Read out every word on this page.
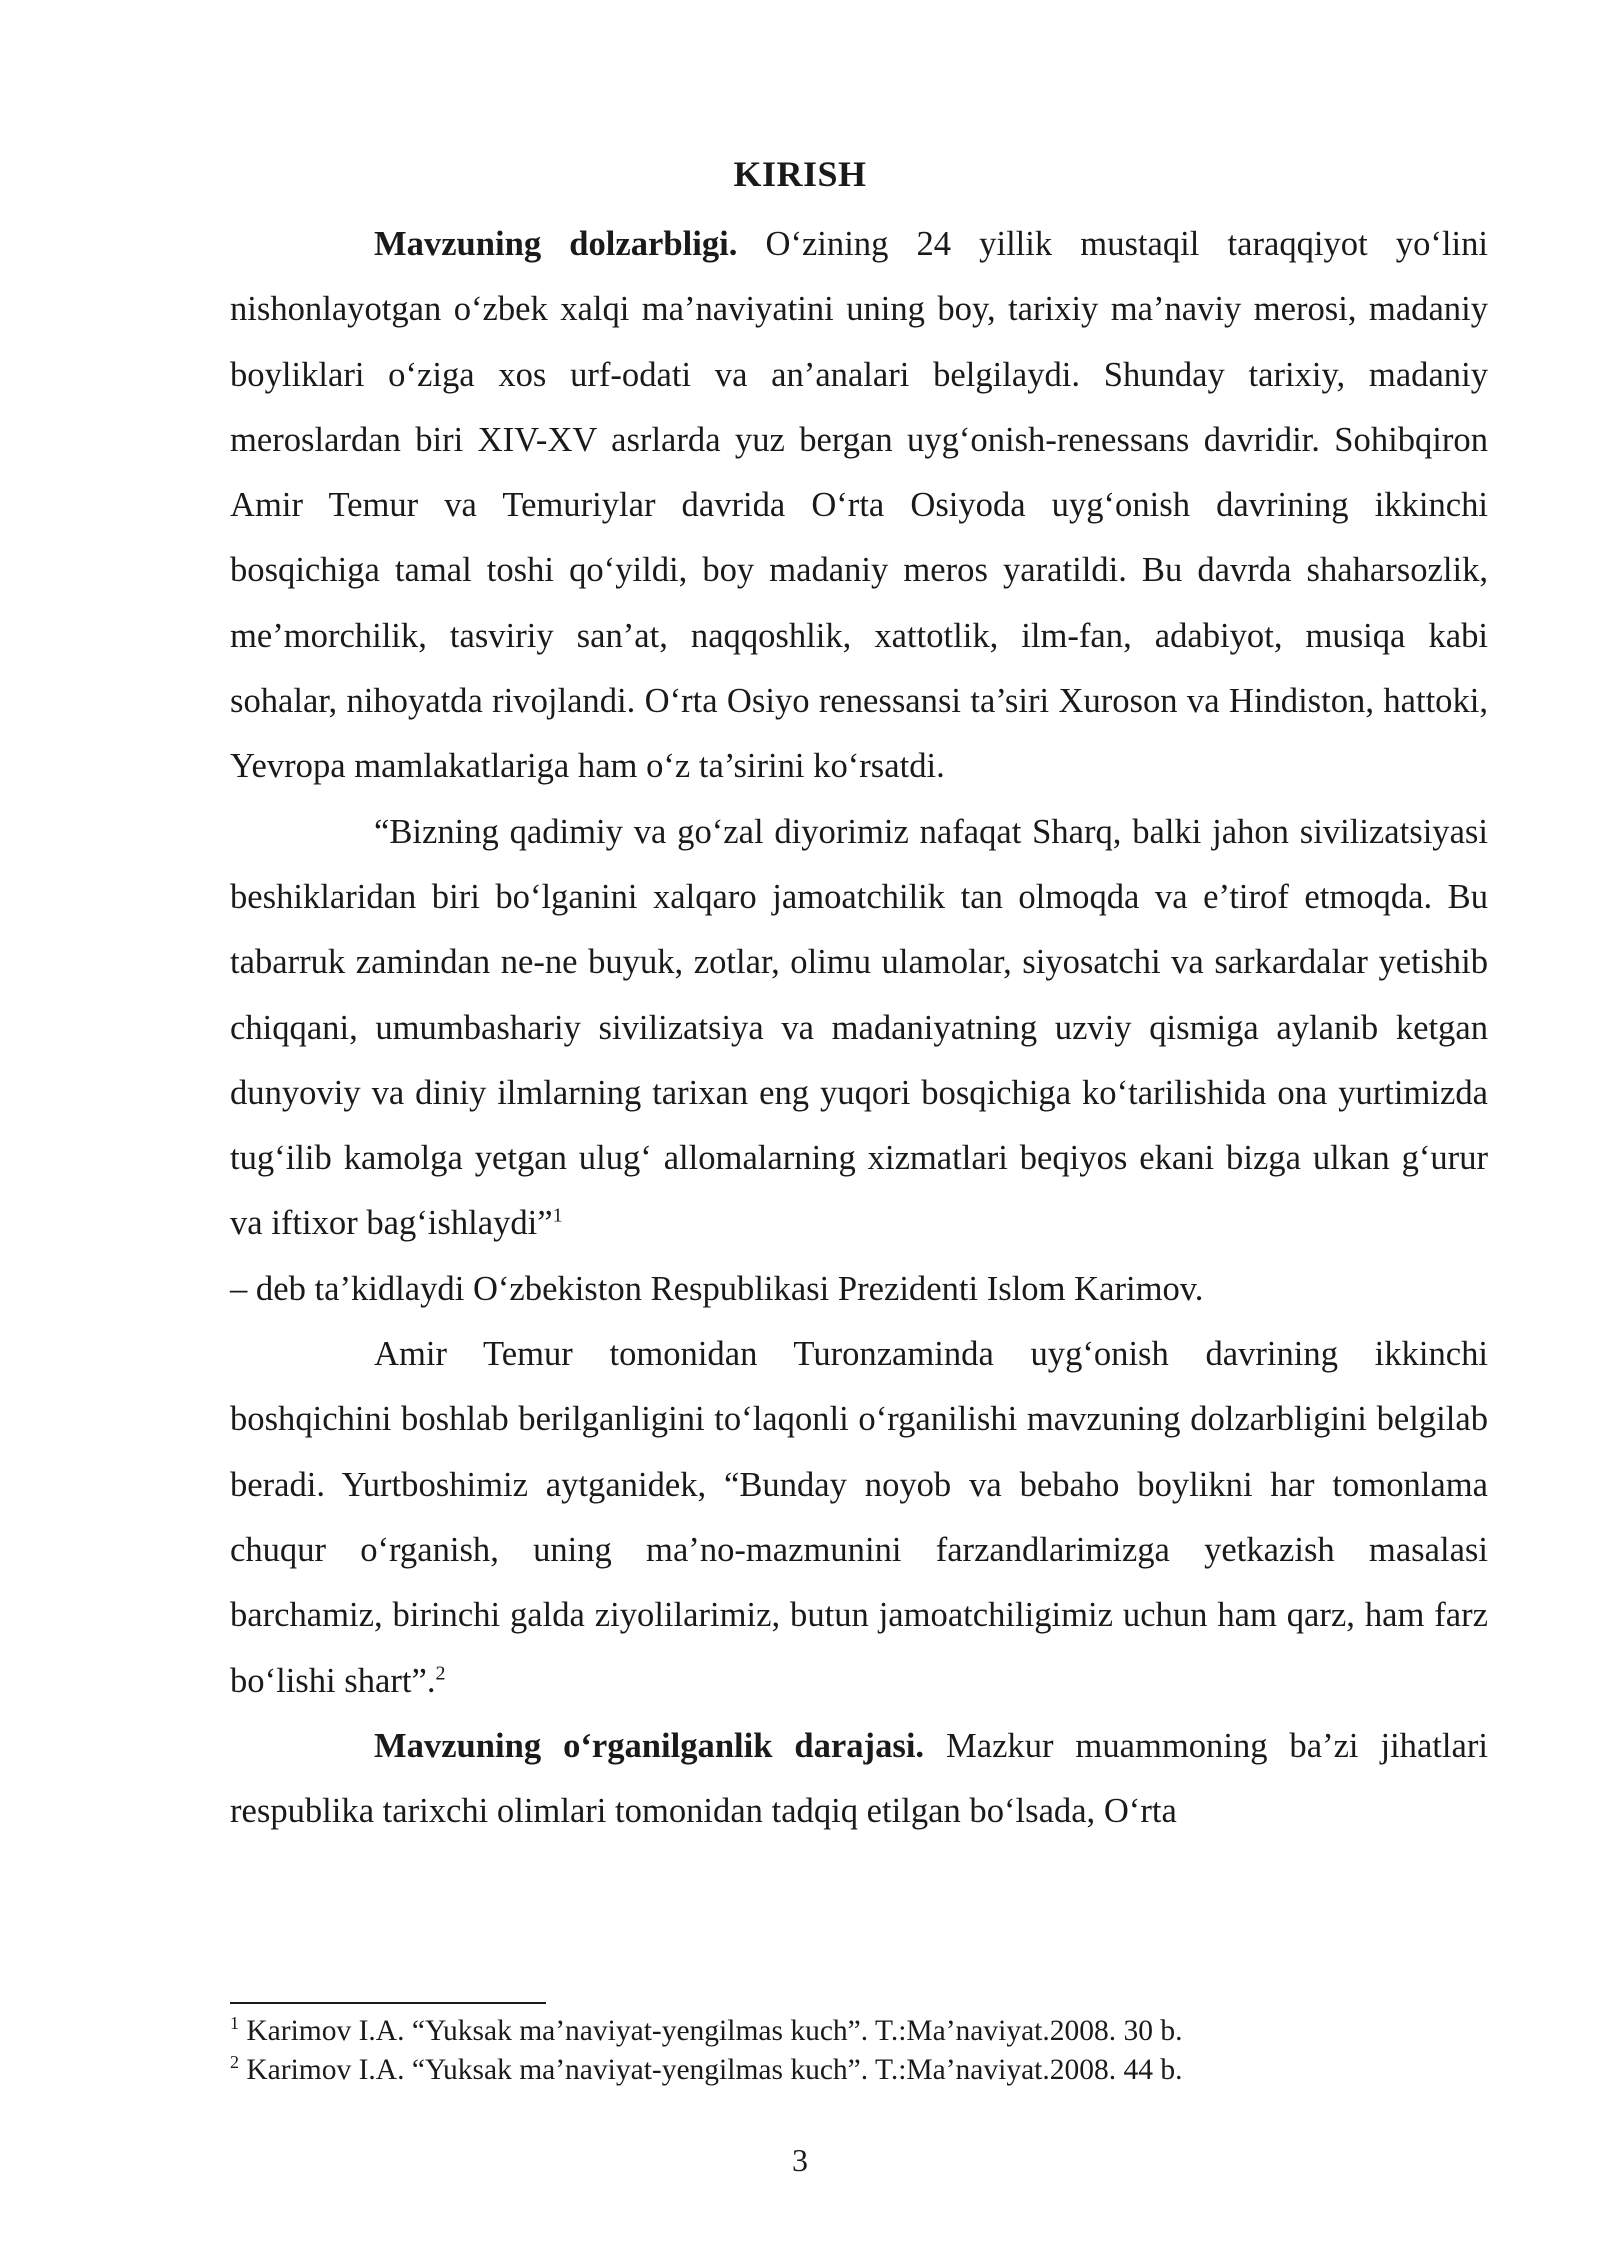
KIRISH

Mavzuning dolzarbligi. O‘zining 24 yillik mustaqil taraqqiyot yo‘lini nishonlayotgan o‘zbek xalqi ma’naviyatini uning boy, tarixiy ma’naviy merosi, madaniy boyliklari o‘ziga xos urf-odati va an’analari belgilaydi. Shunday tarixiy, madaniy meroslardan biri XIV-XV asrlarda yuz bergan uyg‘onish-renessans davridir. Sohibqiron Amir Temur va Temuriylar davrida O‘rta Osiyoda uyg‘onish davrining ikkinchi bosqichiga tamal toshi qo‘yildi, boy madaniy meros yaratildi. Bu davrda shaharsozlik, me’morchilik, tasviriy san’at, naqqoshlik, xattotlik, ilm-fan, adabiyot, musiqa kabi sohalar, nihoyatda rivojlandi. O‘rta Osiyo renessansi ta’siri Xuroson va Hindiston, hattoki, Yevropa mamlakatlariga ham o‘z ta’sirini ko‘rsatdi.

“Bizning qadimiy va go‘zal diyorimiz nafaqat Sharq, balki jahon sivilizatsiyasi beshiklaridan biri bo‘lganini xalqaro jamoatchilik tan olmoqda va e’tirof etmoqda. Bu tabarruk zamindan ne-ne buyuk, zotlar, olimu ulamolar, siyosatchi va sarkardalar yetishib chiqqani, umumbashariy sivilizatsiya va madaniyatning uzviy qismiga aylanib ketgan dunyoviy va diniy ilmlarning tarixan eng yuqori bosqichiga ko‘tarilishida ona yurtimizda tug‘ilib kamolga yetgan ulug‘ allomalarning xizmatlari beqiyos ekani bizga ulkan g‘urur va iftixor bag‘ishlaydi”$^1$
– deb ta’kidlaydi O‘zbekiston Respublikasi Prezidenti Islom Karimov.

Amir Temur tomonidan Turonzaminda uyg‘onish davrining ikkinchi boshqichini boshlab berilganligini to‘laqonli o‘rganilishi mavzuning dolzarbligini belgilab beradi. Yurtboshimiz aytganidek, “Bunday noyob va bebaho boylikni har tomonlama chuqur o‘rganish, uning ma’no-mazmunini farzandlarimizga yetkazish masalasi barchamiz, birinchi galda ziyolilarimiz, butun jamoatchiligimiz uchun ham qarz, ham farz bo‘lishi shart”.$^2$

Mavzuning o‘rganilganlik darajasi. Mazkur muammoning ba’zi jihatlari respublika tarixchi olimlari tomonidan tadqiq etilgan bo‘lsada, O‘rta

$^1$ Karimov I.A. “Yuksak ma’naviyat-yengilmas kuch”. T.:Ma’naviyat.2008. 30 b.

$^2$ Karimov I.A. “Yuksak ma’naviyat-yengilmas kuch”. T.:Ma’naviyat.2008. 44 b.

3
